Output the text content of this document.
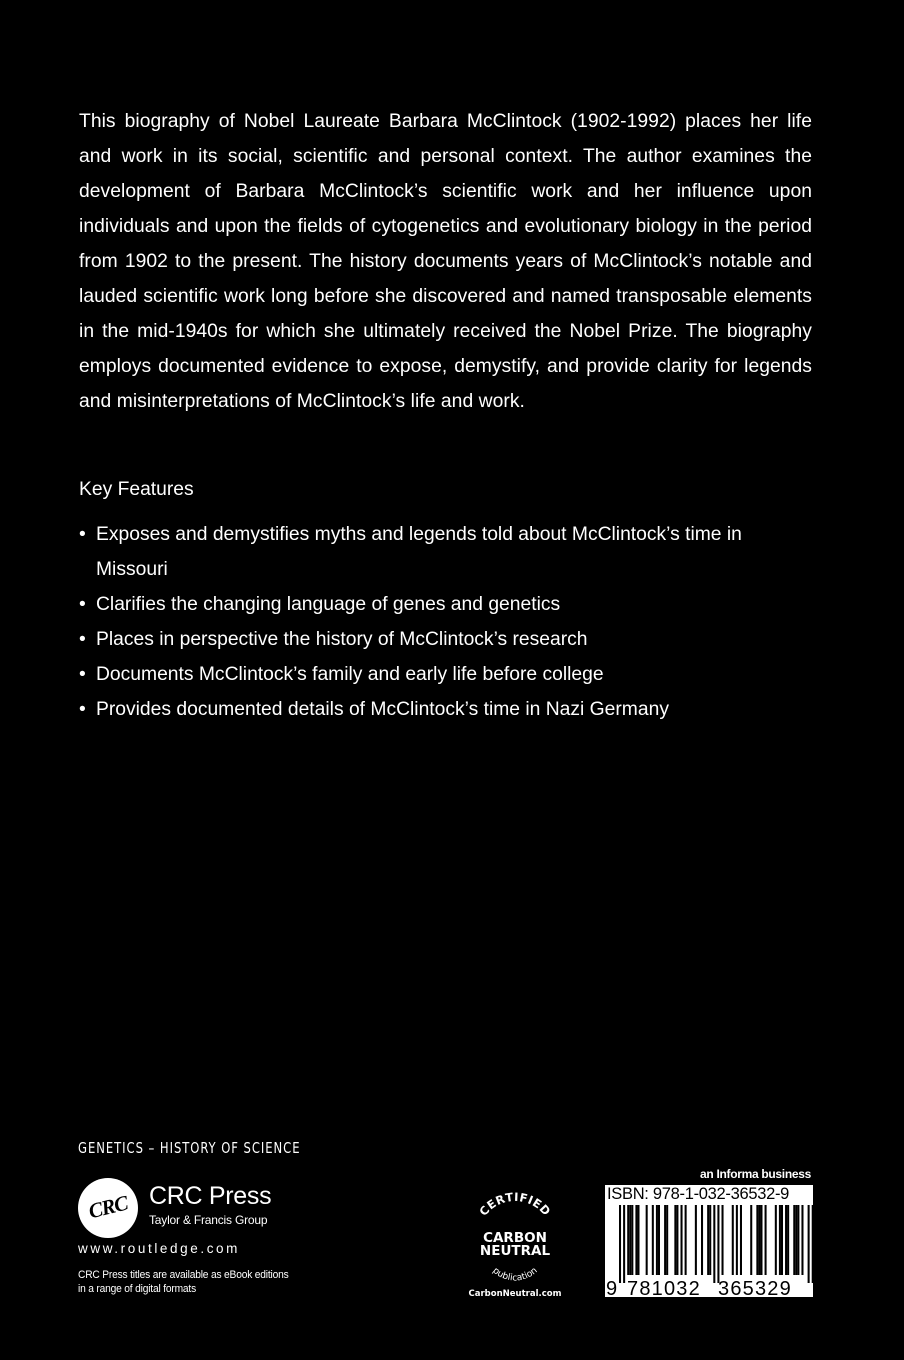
This biography of Nobel Laureate Barbara McClintock (1902-1992) places her life and work in its social, scientific and personal context. The author examines the development of Barbara McClintock’s scientific work and her influence upon individuals and upon the fields of cytogenetics and evolutionary biology in the period from 1902 to the present. The history documents years of McClintock’s notable and lauded scientific work long before she discovered and named transposable elements in the mid-1940s for which she ultimately received the Nobel Prize. The biography employs documented evidence to expose, demystify, and provide clarity for legends and misinterpretations of McClintock’s life and work.

Key Features

• Exposes and demystifies myths and legends told about McClintock’s time in Missouri
• Clarifies the changing language of genes and genetics
• Places in perspective the history of McClintock’s research
• Documents McClintock’s family and early life before college
• Provides documented details of McClintock’s time in Nazi Germany
GENETICS – HISTORY OF SCIENCE
CRC CRC Press
Taylor & Francis Group
www.routledge.com
CRC Press titles are available as eBook editions
in a range of digital formats
CERTIFIED
CARBON
NEUTRAL
publication
CarbonNeutral.com
an Informa business
ISBN: 978-1-032-36532-9
9 781032 365329
